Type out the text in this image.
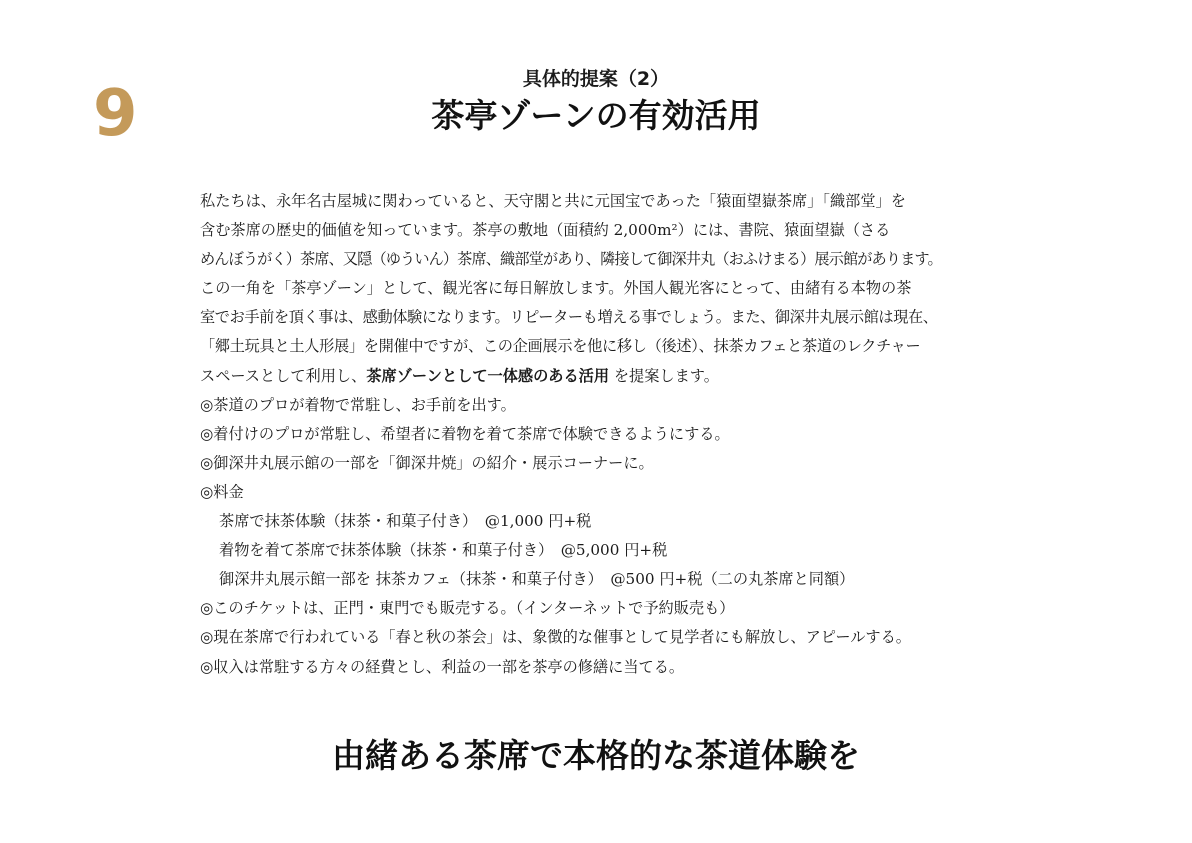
9	具体的提案（2）
茶亭ゾーンの有効活用
私たちは、永年名古屋城に関わっていると、天守閣と共に元国宝であった「猿面望嶽茶席」「織部堂」を
含む茶席の歴史的価値を知っています。茶亭の敷地（面積約 2,000m²）には、書院、猿面望嶽（さる
めんぼうがく）茶席、又隠（ゆういん）茶席、織部堂があり、隣接して御深井丸（おふけまる）展示館があります。
この一角を「茶亭ゾーン」として、観光客に毎日解放します。外国人観光客にとって、由緒有る本物の茶
室でお手前を頂く事は、感動体験になります。リピーターも増える事でしょう。また、御深井丸展示館は現在、
「郷土玩具と土人形展」を開催中ですが、この企画展示を他に移し（後述）、抹茶カフェと茶道のレクチャー
スペースとして利用し、茶席ゾーンとして一体感のある活用 を提案します。
◎茶道のプロが着物で常駐し、お手前を出す。
◎着付けのプロが常駐し、希望者に着物を着て茶席で体験できるようにする。
◎御深井丸展示館の一部を「御深井焼」の紹介・展示コーナーに。
◎料金
茶席で抹茶体験（抹茶・和菓子付き）　@1,000 円+税
着物を着て茶席で抹茶体験（抹茶・和菓子付き）　@5,000 円+税
御深井丸展示館一部を 抹茶カフェ（抹茶・和菓子付き）　@500 円+税（二の丸茶席と同額）
◎このチケットは、正門・東門でも販売する。（インターネットで予約販売も）
◎現在茶席で行われている「春と秋の茶会」は、象徴的な催事として見学者にも解放し、アピールする。
◎収入は常駐する方々の経費とし、利益の一部を茶亭の修繕に当てる。
由緒ある茶席で本格的な茶道体験を
